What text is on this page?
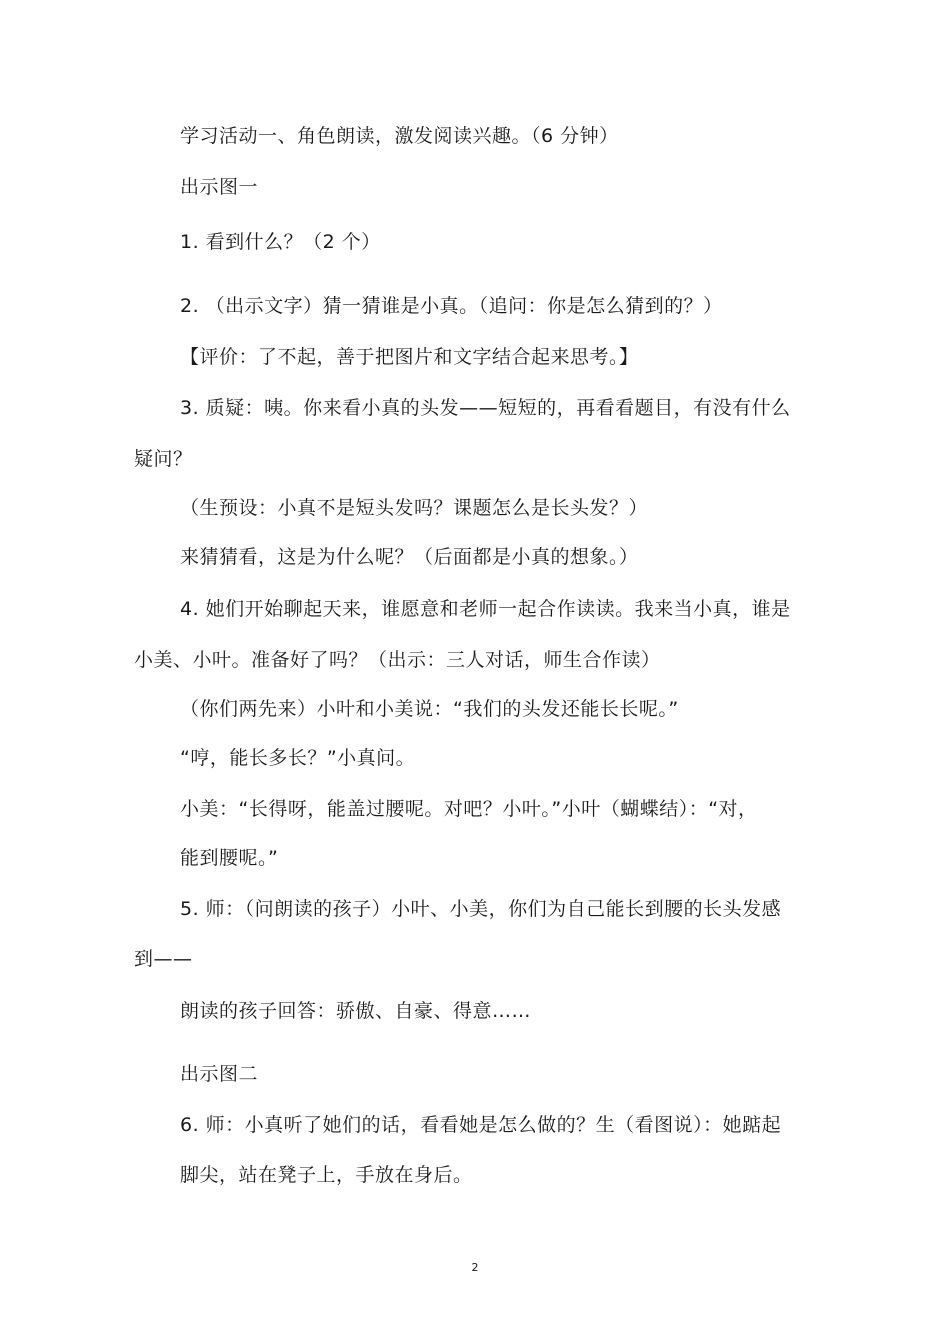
学习活动一、角色朗读，激发阅读兴趣。（6 分钟）
出示图一
1. 看到什么？（2 个）
2. （出示文字）猜一猜谁是小真。（追问：你是怎么猜到的？）
【评价：了不起，善于把图片和文字结合起来思考。】
3. 质疑：咦。你来看小真的头发——短短的，再看看题目，有没有什么
疑问？
（生预设：小真不是短头发吗？课题怎么是长头发？）
来猜猜看，这是为什么呢？（后面都是小真的想象。）
4. 她们开始聊起天来，谁愿意和老师一起合作读读。我来当小真，谁是
小美、小叶。准备好了吗？（出示：三人对话，师生合作读）
（你们两先来）小叶和小美说：“我们的头发还能长长呢。”
“哼，能长多长？”小真问。
小美：“长得呀，能盖过腰呢。对吧？小叶。”小叶（蝴蝶结）：“对，
能到腰呢。”
5. 师：（问朗读的孩子）小叶、小美，你们为自己能长到腰的长头发感
到——
朗读的孩子回答：骄傲、自豪、得意……
出示图二
6. 师：小真听了她们的话，看看她是怎么做的？生（看图说）：她踮起
脚尖，站在凳子上，手放在身后。
2
